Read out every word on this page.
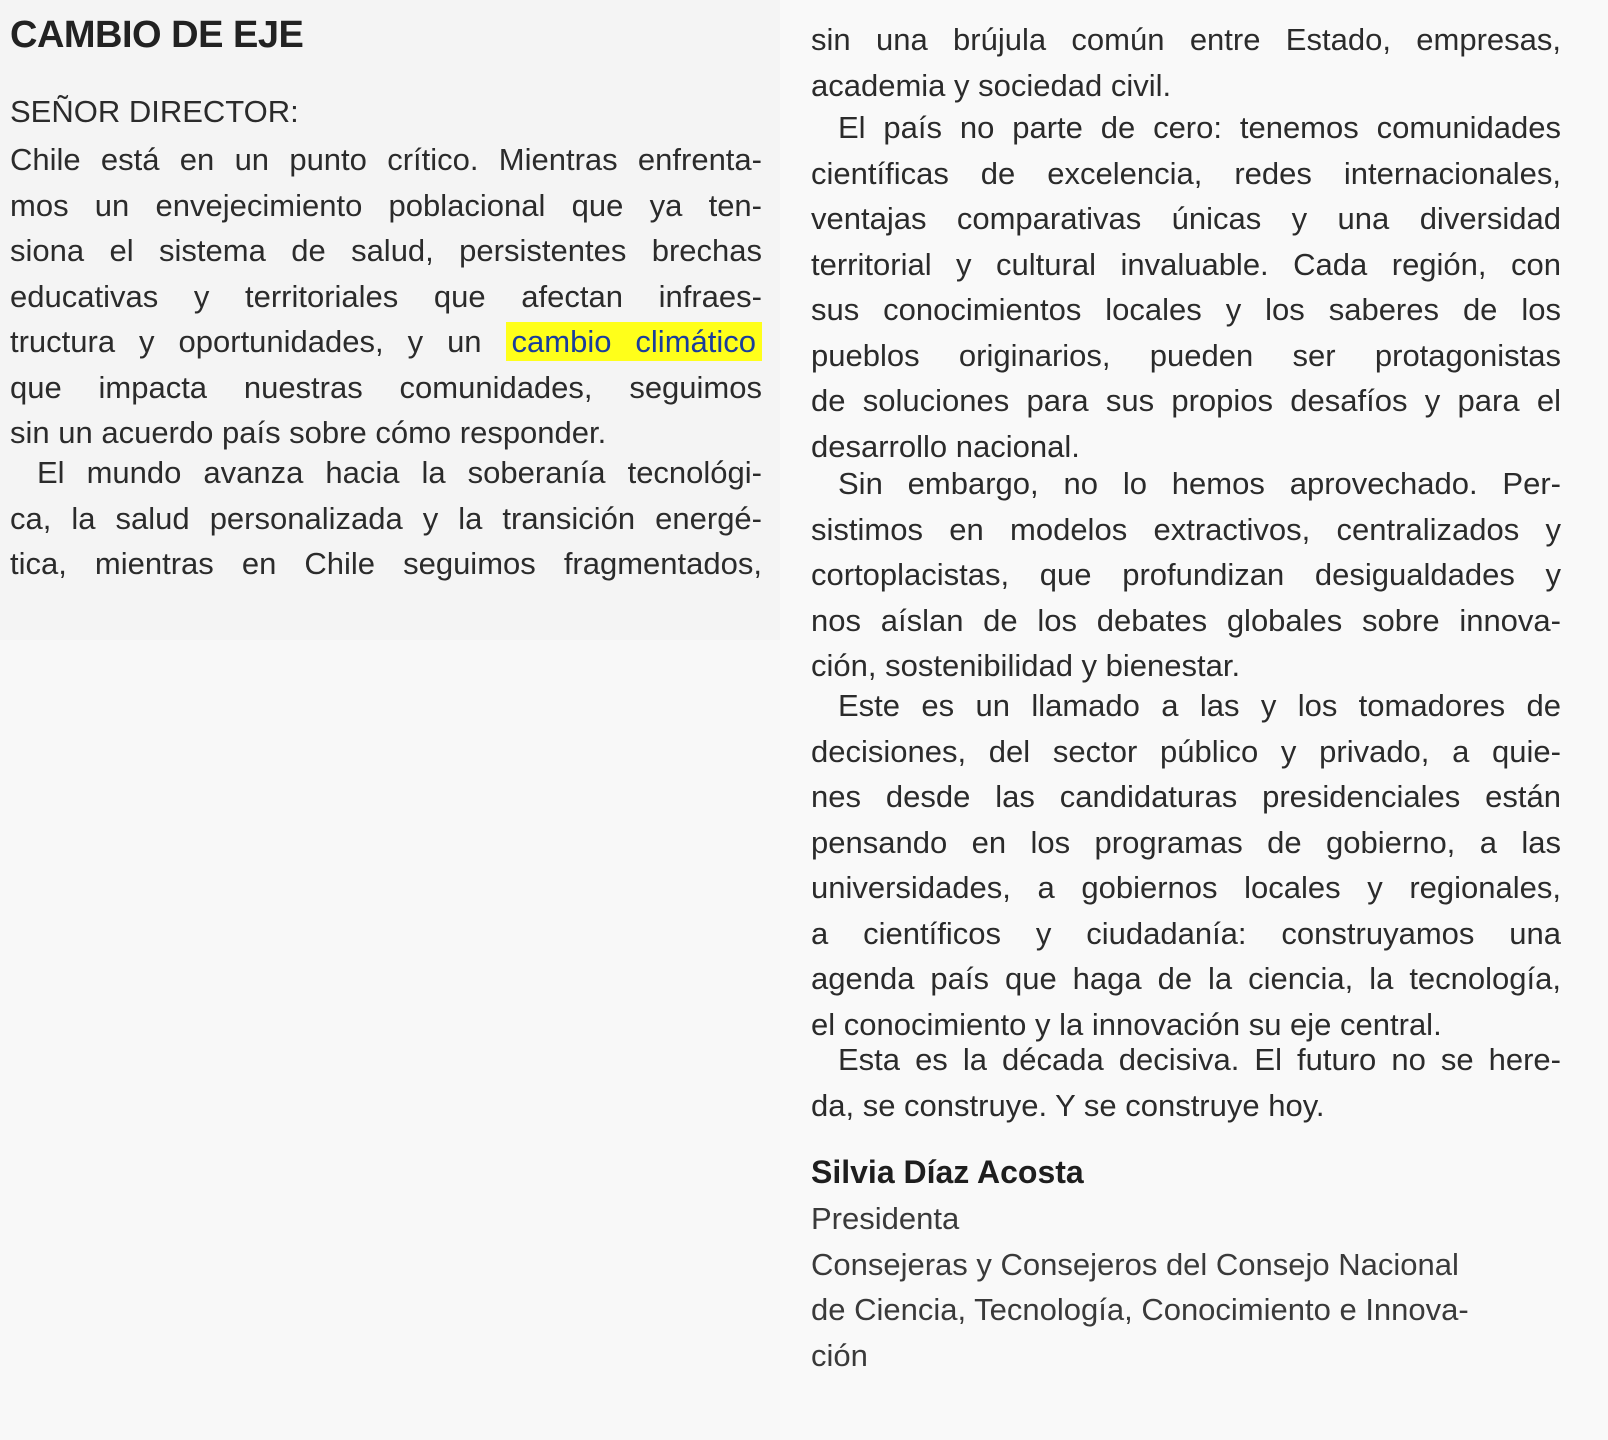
CAMBIO DE EJE
SEÑOR DIRECTOR:
Chile está en un punto crítico. Mientras enfrenta-
mos un envejecimiento poblacional que ya ten-
siona el sistema de salud, persistentes brechas
educativas y territoriales que afectan infraes-
tructura y oportunidades, y un cambio climático
que impacta nuestras comunidades, seguimos
sin un acuerdo país sobre cómo responder.
El mundo avanza hacia la soberanía tecnológi-
ca, la salud personalizada y la transición energé-
tica, mientras en Chile seguimos fragmentados,
sin una brújula común entre Estado, empresas,
academia y sociedad civil.
El país no parte de cero: tenemos comunidades
científicas de excelencia, redes internacionales,
ventajas comparativas únicas y una diversidad
territorial y cultural invaluable. Cada región, con
sus conocimientos locales y los saberes de los
pueblos originarios, pueden ser protagonistas
de soluciones para sus propios desafíos y para el
desarrollo nacional.
Sin embargo, no lo hemos aprovechado. Per-
sistimos en modelos extractivos, centralizados y
cortoplacistas, que profundizan desigualdades y
nos aíslan de los debates globales sobre innova-
ción, sostenibilidad y bienestar.
Este es un llamado a las y los tomadores de
decisiones, del sector público y privado, a quie-
nes desde las candidaturas presidenciales están
pensando en los programas de gobierno, a las
universidades, a gobiernos locales y regionales,
a científicos y ciudadanía: construyamos una
agenda país que haga de la ciencia, la tecnología,
el conocimiento y la innovación su eje central.
Esta es la década decisiva. El futuro no se here-
da, se construye. Y se construye hoy.
Silvia Díaz Acosta
Presidenta
Consejeras y Consejeros del Consejo Nacional
de Ciencia, Tecnología, Conocimiento e Innova-
ción
